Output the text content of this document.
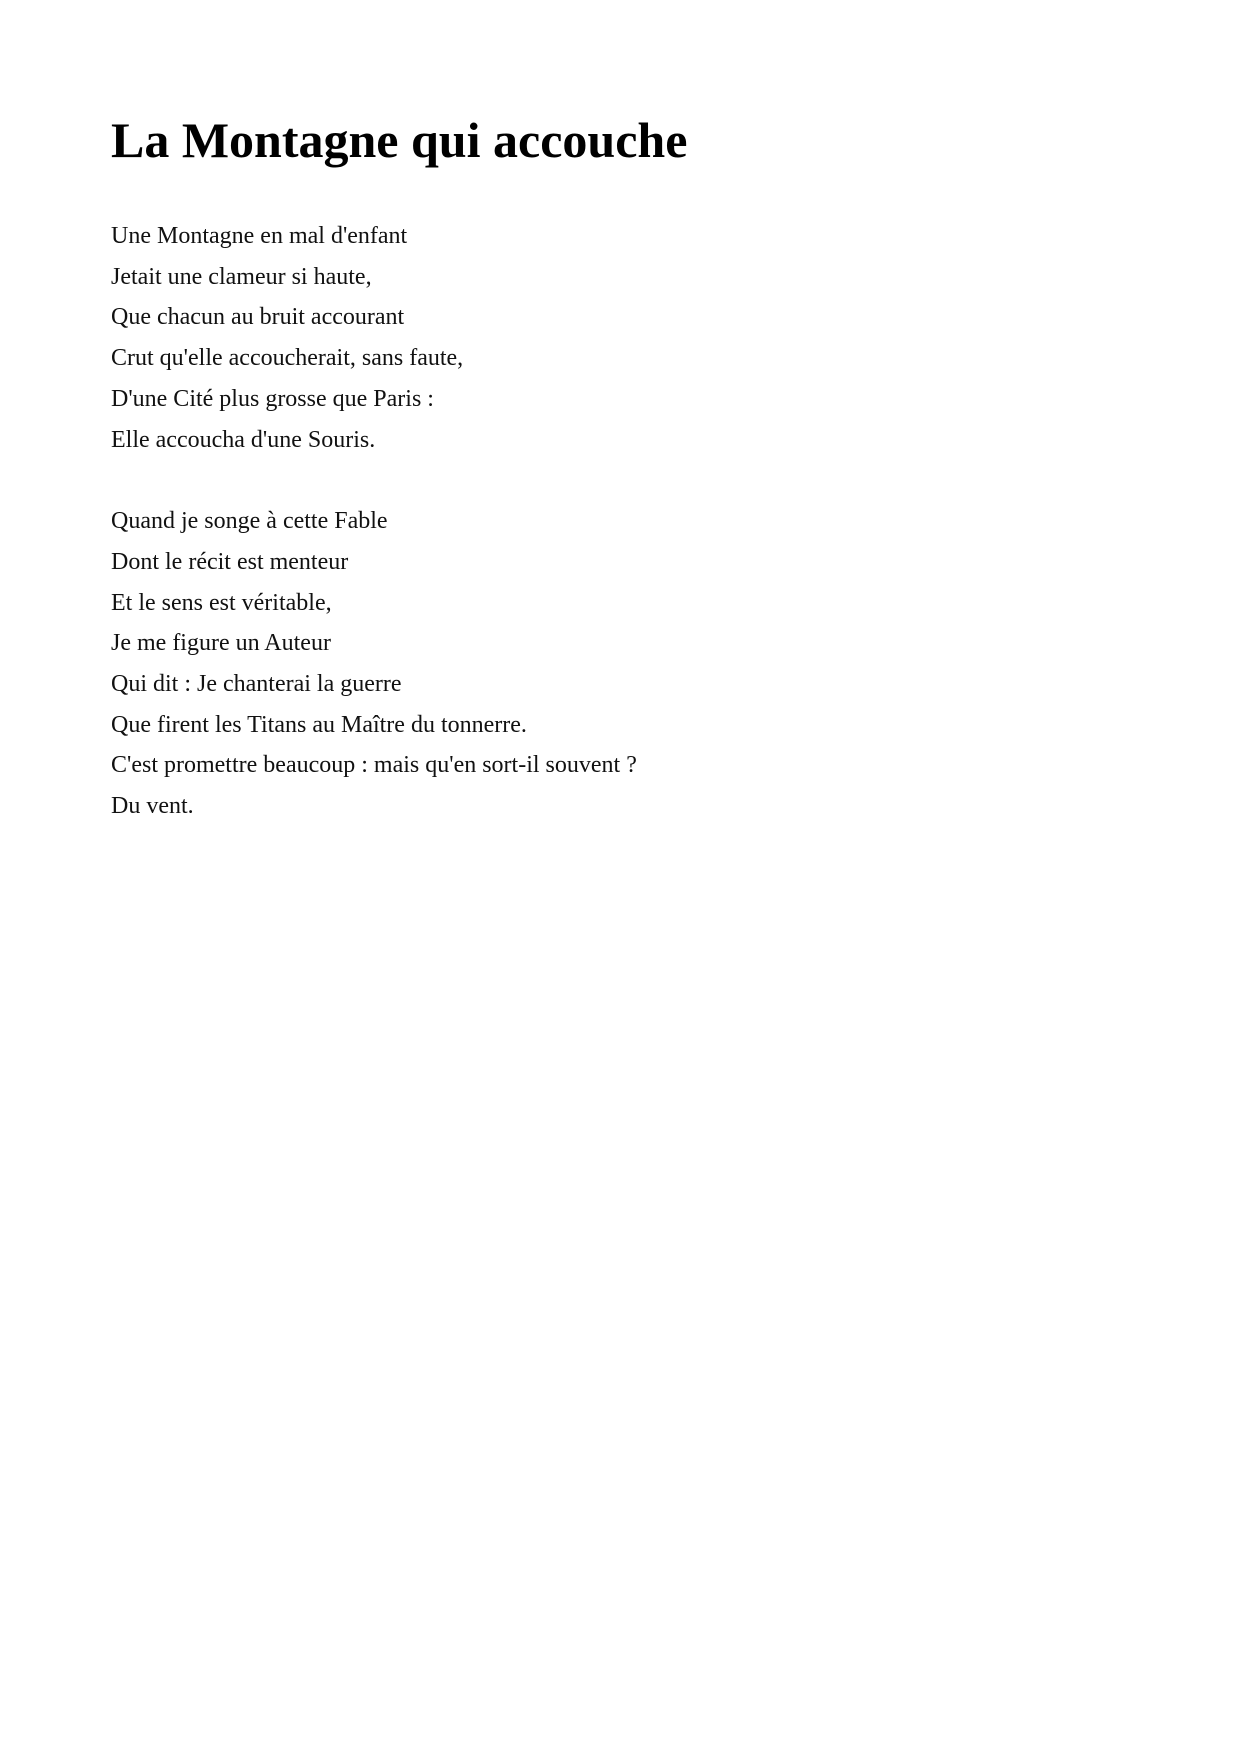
La Montagne qui accouche
Une Montagne en mal d'enfant
Jetait une clameur si haute,
Que chacun au bruit accourant
Crut qu'elle accoucherait, sans faute,
D'une Cité plus grosse que Paris :
Elle accoucha d'une Souris.
Quand je songe à cette Fable
Dont le récit est menteur
Et le sens est véritable,
Je me figure un Auteur
Qui dit : Je chanterai la guerre
Que firent les Titans au Maître du tonnerre.
C'est promettre beaucoup : mais qu'en sort-il souvent ?
Du vent.
